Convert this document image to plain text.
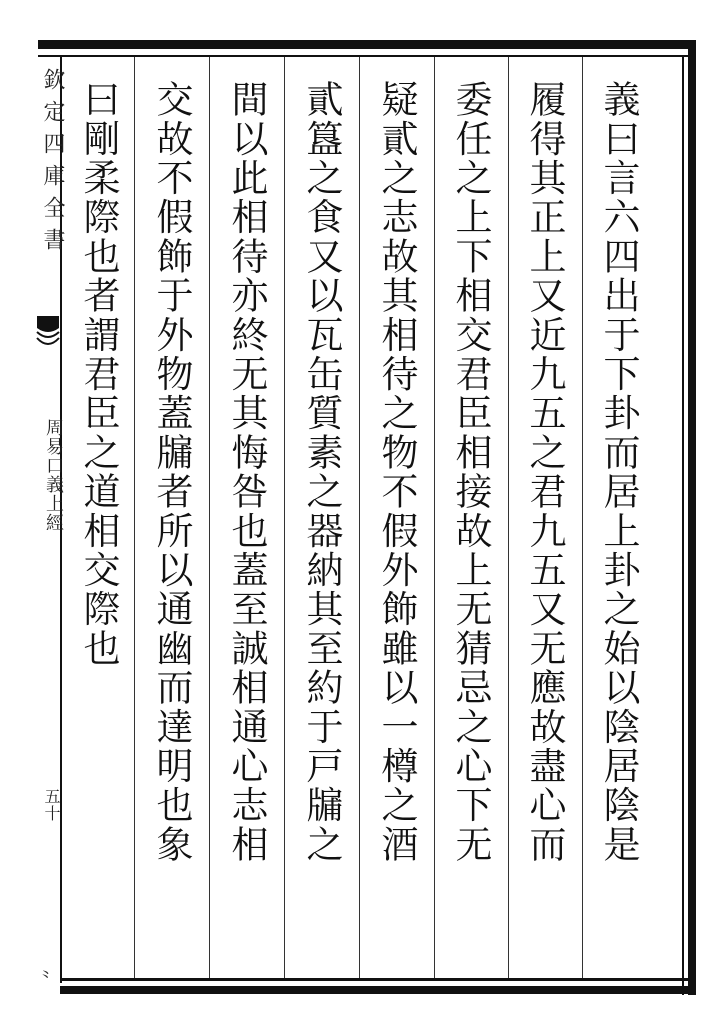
欽定四庫全書
周易口義上經
五十
⺀
義曰言六四出于下卦而居上卦之始以陰居陰是
履得其正上又近九五之君九五又无應故盡心而
委任之上下相交君臣相接故上无猜忌之心下无
疑貳之志故其相待之物不假外飾雖以一樽之酒
貳簋之食又以瓦缶質素之器納其至約于戸牖之
間以此相待亦終无其悔咎也蓋至誠相通心志相
交故不假飾于外物蓋牖者所以通幽而達明也象
曰剛柔際也者謂君臣之道相交際也
